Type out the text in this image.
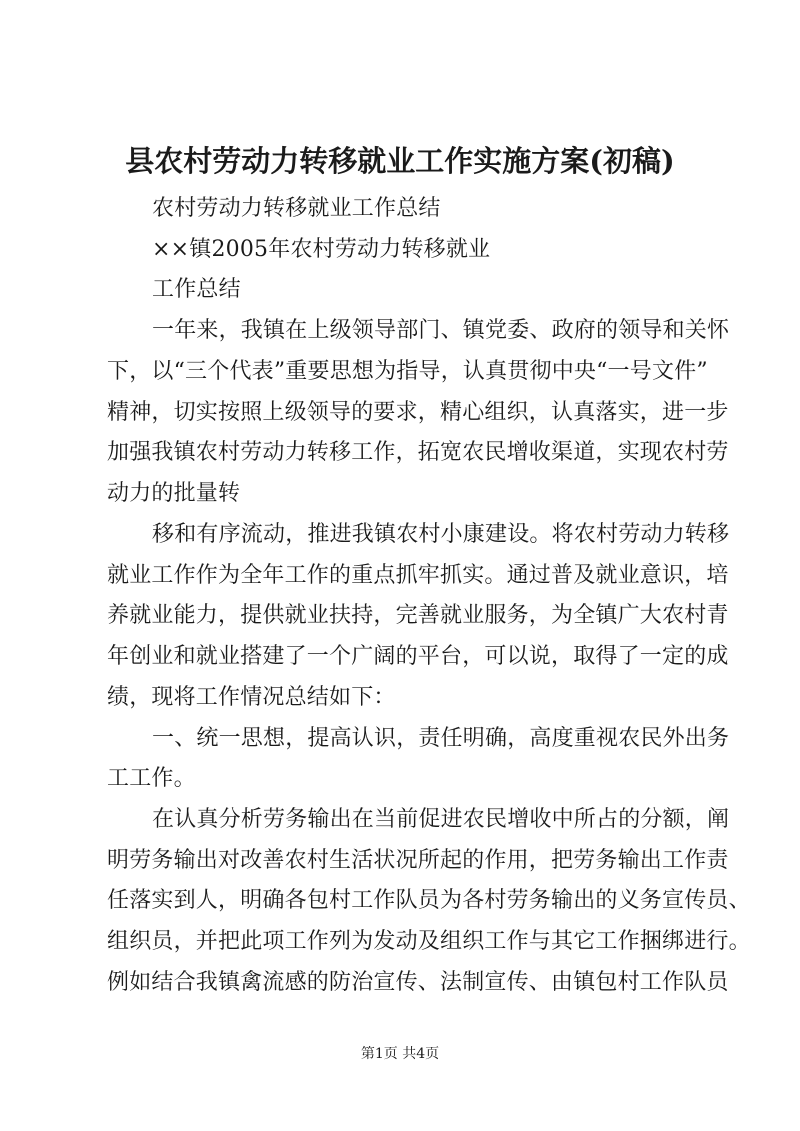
县农村劳动力转移就业工作实施方案(初稿)
农村劳动力转移就业工作总结
××镇2005年农村劳动力转移就业
工作总结
一年来，我镇在上级领导部门、镇党委、政府的领导和关怀
下，以“三个代表”重要思想为指导，认真贯彻中央“一号文件”
精神，切实按照上级领导的要求，精心组织，认真落实，进一步
加强我镇农村劳动力转移工作，拓宽农民增收渠道，实现农村劳
动力的批量转
移和有序流动，推进我镇农村小康建设。将农村劳动力转移
就业工作作为全年工作的重点抓牢抓实。通过普及就业意识，培
养就业能力，提供就业扶持，完善就业服务，为全镇广大农村青
年创业和就业搭建了一个广阔的平台，可以说，取得了一定的成
绩，现将工作情况总结如下：
一、统一思想，提高认识，责任明确，高度重视农民外出务
工工作。
在认真分析劳务输出在当前促进农民增收中所占的分额，阐
明劳务输出对改善农村生活状况所起的作用，把劳务输出工作责
任落实到人，明确各包村工作队员为各村劳务输出的义务宣传员、
组织员，并把此项工作列为发动及组织工作与其它工作捆绑进行。
例如结合我镇禽流感的防治宣传、法制宣传、由镇包村工作队员
第1页 共4页
